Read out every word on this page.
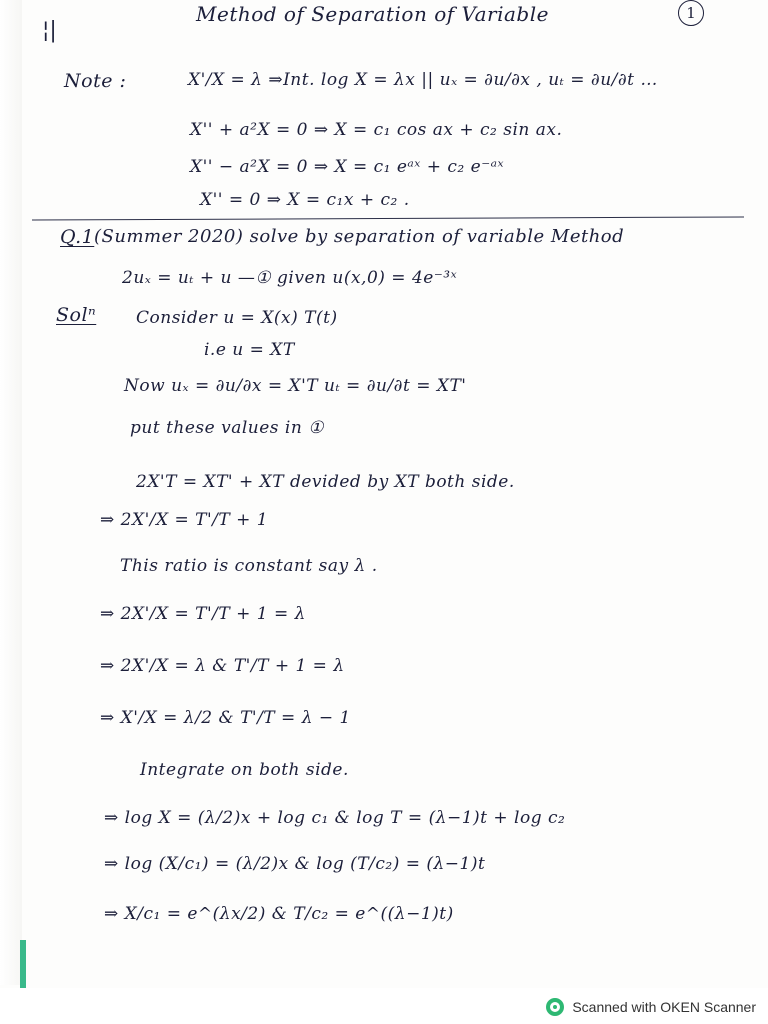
¦|
Method of Separation of Variable	1
Note :	X'/X = λ ⇒Int. log X = λx || uₓ = ∂u/∂x , uₜ = ∂u/∂t …
X'' + a²X = 0 ⇒ X = c₁ cos ax + c₂ sin ax.
X'' − a²X = 0 ⇒ X = c₁ eᵃˣ + c₂ e⁻ᵃˣ
X'' = 0 ⇒ X = c₁x + c₂ .
Q.1 (Summer 2020) solve by separation of variable Method
2uₓ = uₜ + u —① given u(x,0) = 4e⁻³ˣ
Solⁿ Consider u = X(x) T(t)
i.e u = XT
Now uₓ = ∂u/∂x = X'T uₜ = ∂u/∂t = XT'
put these values in ①
2X'T = XT' + XT devided by XT both side.
⇒ 2X'/X = T'/T + 1
This ratio is constant say λ .
⇒ 2X'/X = T'/T + 1 = λ
⇒ 2X'/X = λ & T'/T + 1 = λ
⇒ X'/X = λ/2 & T'/T = λ − 1
Integrate on both side.
⇒ log X = (λ/2)x + log c₁ & log T = (λ−1)t + log c₂
⇒ log (X/c₁) = (λ/2)x & log (T/c₂) = (λ−1)t
⇒ X/c₁ = e^(λx/2) & T/c₂ = e^((λ−1)t)
Scanned with OKEN Scanner
